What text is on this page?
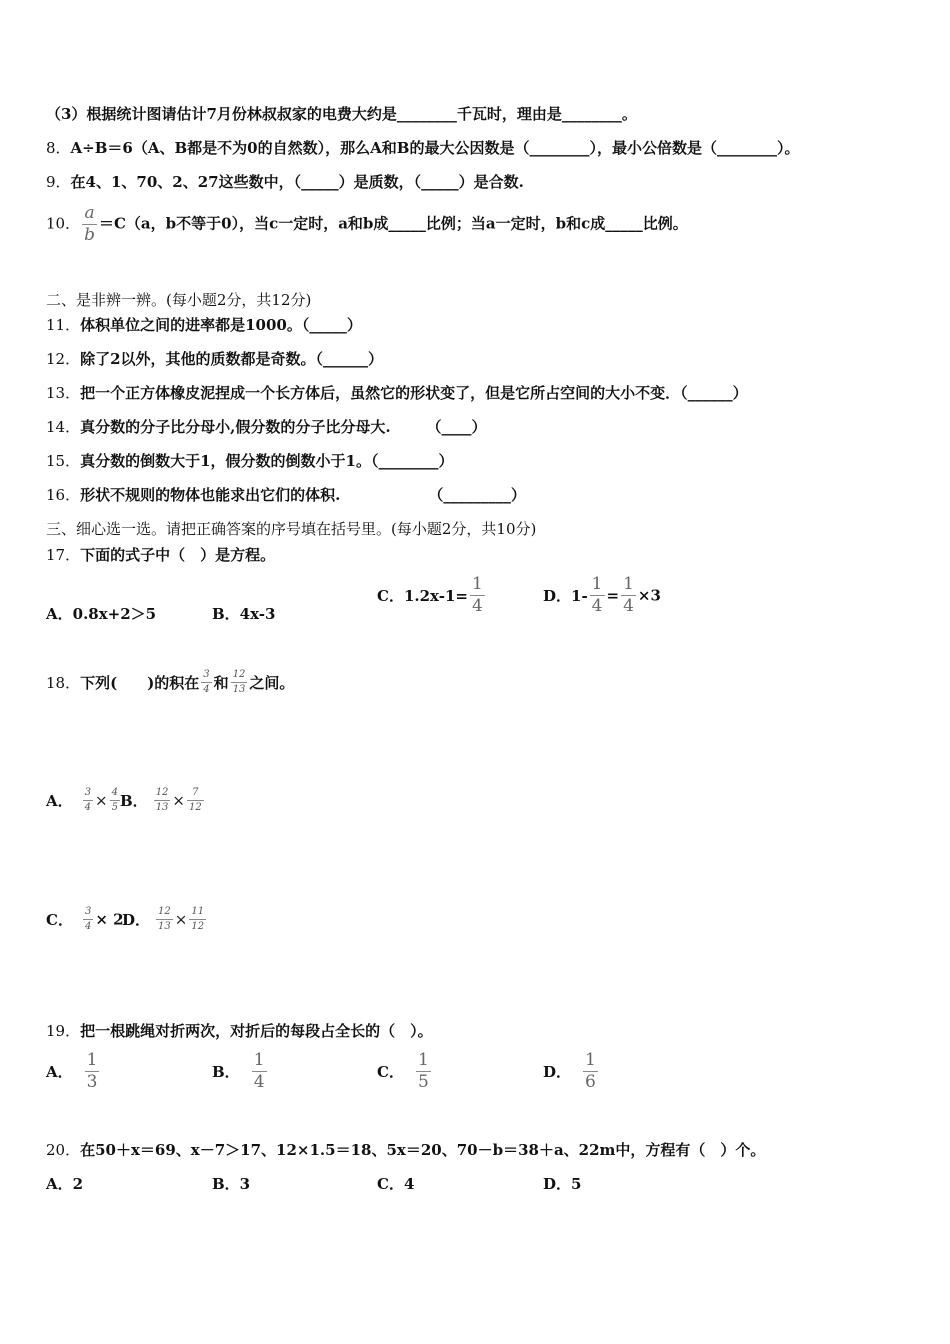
（3）根据统计图请估计7月份林叔叔家的电费大约是________千瓦时，理由是________。
8．A÷B＝6（A、B都是不为0的自然数），那么A和B的最大公因数是（________），最小公倍数是（________）。
9．在4、1、70、2、27这些数中，（_____）是质数，（_____）是合数.
10． $\frac{a}{b} =C(a$，b不等于0），当c一定时，a和b成_____比例；当a一定时，b和c成_____比例。
二、是非辨一辨。(每小题2分，共12分)
11．体积单位之间的进率都是1000。（_____）
12．除了2以外，其他的质数都是奇数。（______）
13．把一个正方体橡皮泥捏成一个长方体后，虽然它的形状变了，但是它所占空间的大小不变．（______）
14．真分数的分子比分母小,假分数的分子比分母大. （____）
15．真分数的倒数大于1，假分数的倒数小于1。（________）
16．形状不规则的物体也能求出它们的体积.	（_________）
三、细心选一选。请把正确答案的序号填在括号里。(每小题2分，共10分)
17．下面的式子中（　）是方程。
A．0.8x+2＞5	B．4x-3
C．$1.2x-1= \frac{1}{4}$	D．$1- \frac{1}{4} = \frac{1}{4} \times 3$
18．下列(　　)的积在 $\frac{3}{4}$ 和 $\frac{12}{13}$ 之间。
A． $\frac{3}{4} \times \frac{4}{5}$ B． $\frac{12}{13} \times \frac{7}{12}$
C． $\frac{3}{4} \times 2$
D． $\frac{12}{13} \times \frac{11}{12}$
19．把一根跳绳对折两次，对折后的每段占全长的（　）。
A． $\frac{1}{3}$	B． $\frac{1}{4}$	C． $\frac{1}{5}$	D． $\frac{1}{6}$
20．在50＋x＝69、x－7＞17、12×1.5＝18、5x＝20、70－b＝38＋a、22m中，方程有（　）个。
A．2	B．3	C．4	D．5
